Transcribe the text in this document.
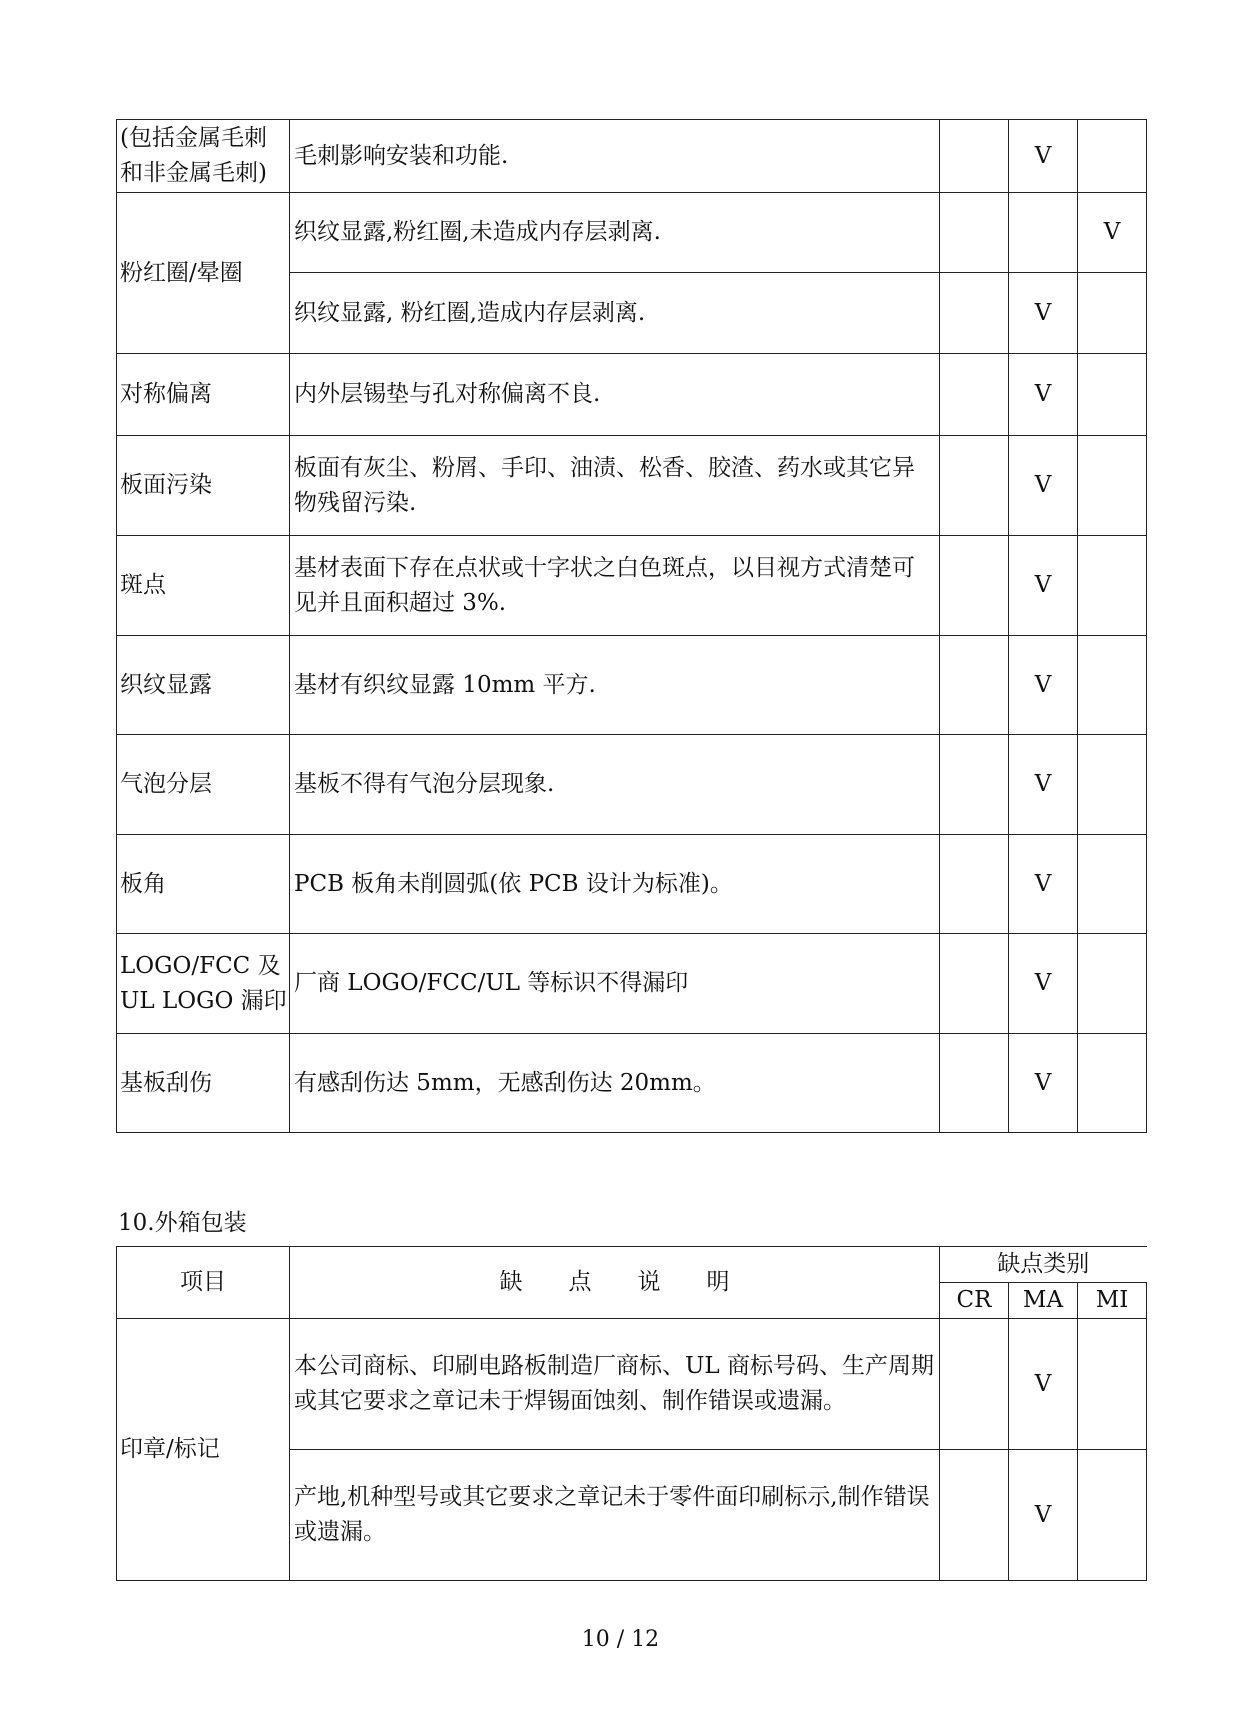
(包括金属毛刺和非金属毛刺)	毛刺影响安装和功能.		V	
粉红圈/晕圈	织纹显露,粉红圈,未造成内存层剥离.			V
	织纹显露, 粉红圈,造成内存层剥离.		V	
对称偏离	内外层锡垫与孔对称偏离不良.		V	
板面污染	板面有灰尘、粉屑、手印、油渍、松香、胶渣、药水或其它异物残留污染.		V	
斑点	基材表面下存在点状或十字状之白色斑点，以目视方式清楚可见并且面积超过 3%.		V	
织纹显露	基材有织纹显露 10mm 平方.		V	
气泡分层	基板不得有气泡分层现象.		V	
板角	PCB 板角未削圆弧(依 PCB 设计为标准)。		V	
LOGO/FCC 及 UL LOGO 漏印	厂商 LOGO/FCC/UL 等标识不得漏印		V	
基板刮伤	有感刮伤达 5mm，无感刮伤达 20mm。		V	
10.外箱包装
项目	缺　　点　　说　　明	缺点类别		
		CR	MA	MI
印章/标记	本公司商标、印刷电路板制造厂商标、UL 商标号码、生产周期或其它要求之章记未于焊锡面蚀刻、制作错误或遗漏。		V	
	产地,机种型号或其它要求之章记未于零件面印刷标示,制作错误或遗漏。		V	
10 / 12
